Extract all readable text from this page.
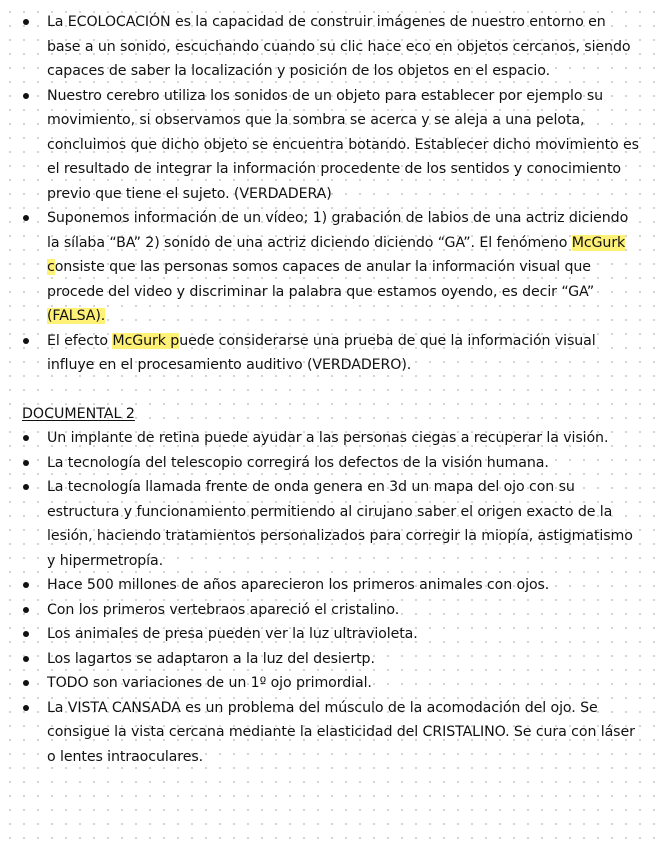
La ECOLOCACIÓN es la capacidad de construir imágenes de nuestro entorno en base a un sonido, escuchando cuando su clic hace eco en objetos cercanos, siendo capaces de saber la localización y posición de los objetos en el espacio.
Nuestro cerebro utiliza los sonidos de un objeto para establecer por ejemplo su movimiento, si observamos que la sombra se acerca y se aleja a una pelota, concluimos que dicho objeto se encuentra botando. Establecer dicho movimiento es el resultado de integrar la información procedente de los sentidos y conocimiento previo que tiene el sujeto. (VERDADERA)
Suponemos información de un vídeo; 1) grabación de labios de una actriz diciendo la sílaba “BA” 2) sonido de una actriz diciendo diciendo “GA”. El fenómeno McGurk consiste que las personas somos capaces de anular la información visual que procede del video y discriminar la palabra que estamos oyendo, es decir “GA” (FALSA).
El efecto McGurk puede considerarse una prueba de que la información visual influye en el procesamiento auditivo (VERDADERO).
DOCUMENTAL 2
Un implante de retina puede ayudar a las personas ciegas a recuperar la visión.
La tecnología del telescopio corregirá los defectos de la visión humana.
La tecnología llamada frente de onda genera en 3d un mapa del ojo con su estructura y funcionamiento permitiendo al cirujano saber el origen exacto de la lesión, haciendo tratamientos personalizados para corregir la miopía, astigmatismo y hipermetropía.
Hace 500 millones de años aparecieron los primeros animales con ojos.
Con los primeros vertebraos apareció el cristalino.
Los animales de presa pueden ver la luz ultravioleta.
Los lagartos se adaptaron a la luz del desiertp.
TODO son variaciones de un 1º ojo primordial.
La VISTA CANSADA es un problema del músculo de la acomodación del ojo. Se consigue la vista cercana mediante la elasticidad del CRISTALINO. Se cura con láser o lentes intraoculares.
